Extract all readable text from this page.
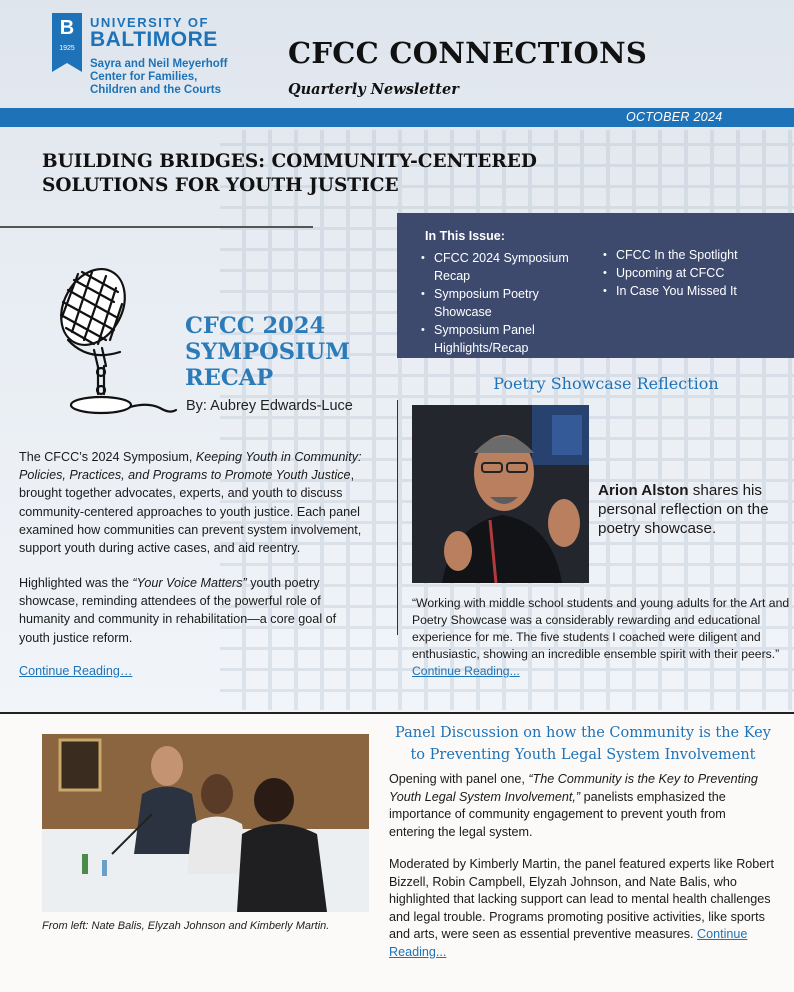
B
1925
UNIVERSITY OF
BALTIMORE
Sayra and Neil Meyerhoff
Center for Families,
Children and the Courts
CFCC CONNECTIONS
Quarterly Newsletter
OCTOBER 2024
BUILDING BRIDGES: COMMUNITY-CENTERED
SOLUTIONS FOR YOUTH JUSTICE
CFCC 2024
SYMPOSIUM
RECAP
By: Aubrey Edwards-Luce
The CFCC’s 2024 Symposium, Keeping Youth in Community: Policies, Practices, and Programs to Promote Youth Justice, brought together advocates, experts, and youth to discuss community-centered approaches to youth justice. Each panel examined how communities can prevent system involvement, support youth during active cases, and aid reentry.
Highlighted was the “Your Voice Matters” youth poetry showcase, reminding attendees of the powerful role of humanity and community in rehabilitation—a core goal of youth justice reform.
Continue Reading…
In This Issue:
• CFCC 2024 Symposium Recap
• Symposium Poetry Showcase
• Symposium Panel Highlights/Recap
• CFCC In the Spotlight
• Upcoming at CFCC
• In Case You Missed It
Poetry Showcase Reflection
Arion Alston shares his personal reflection on the poetry showcase.
“Working with middle school students and young adults for the Art and Poetry Showcase was a considerably rewarding and educational experience for me. The five students I coached were diligent and enthusiastic, showing an incredible ensemble spirit with their peers.” Continue Reading...
From left: Nate Balis, Elyzah Johnson and Kimberly Martin.
Panel Discussion on how the Community is the Key to Preventing Youth Legal System Involvement
Opening with panel one, “The Community is the Key to Preventing Youth Legal System Involvement,” panelists emphasized the importance of community engagement to prevent youth from entering the legal system.
Moderated by Kimberly Martin, the panel featured experts like Robert Bizzell, Robin Campbell, Elyzah Johnson, and Nate Balis, who highlighted that lacking support can lead to mental health challenges and legal trouble. Programs promoting positive activities, like sports and arts, were seen as essential preventive measures. Continue Reading...
